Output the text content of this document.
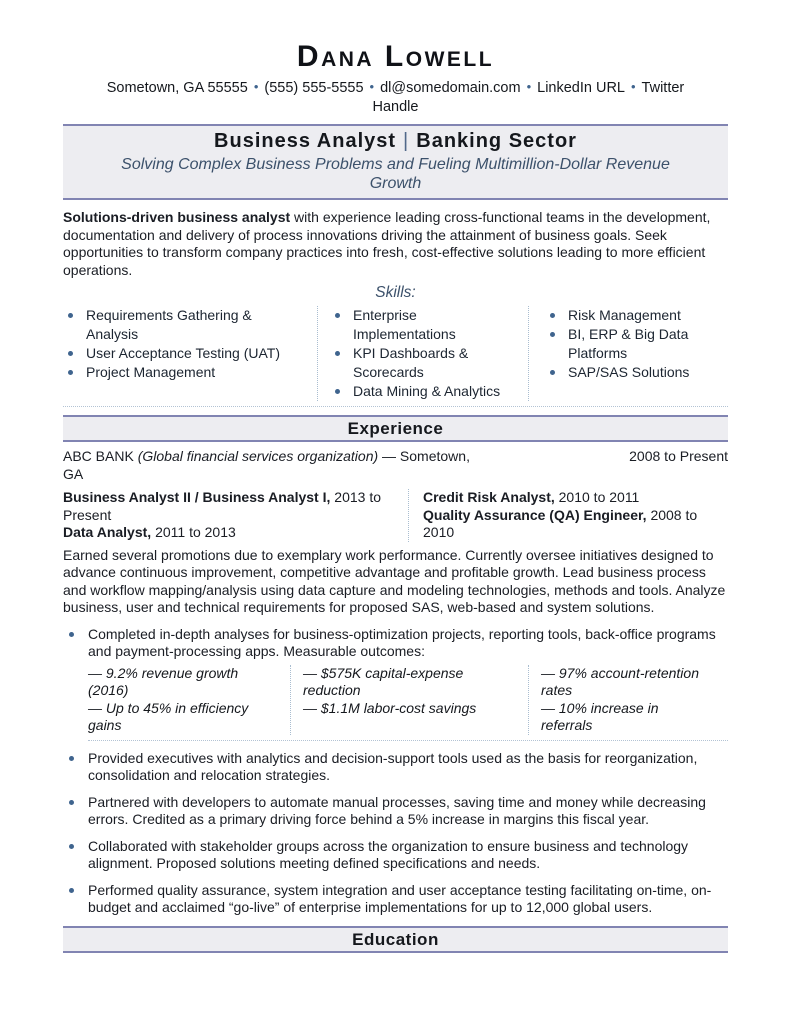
Dana Lowell
Sometown, GA 55555 • (555) 555-5555 • dl@somedomain.com • LinkedIn URL • Twitter Handle
Business Analyst | Banking Sector
Solving Complex Business Problems and Fueling Multimillion-Dollar Revenue Growth
Solutions-driven business analyst with experience leading cross-functional teams in the development, documentation and delivery of process innovations driving the attainment of business goals. Seek opportunities to transform company practices into fresh, cost-effective solutions leading to more efficient operations.
Skills:
Requirements Gathering & Analysis
User Acceptance Testing (UAT)
Project Management
Enterprise Implementations
KPI Dashboards & Scorecards
Data Mining & Analytics
Risk Management
BI, ERP & Big Data Platforms
SAP/SAS Solutions
Experience
ABC BANK (Global financial services organization) — Sometown, GA
2008 to Present
Business Analyst II / Business Analyst I, 2013 to Present
Data Analyst, 2011 to 2013
Credit Risk Analyst, 2010 to 2011
Quality Assurance (QA) Engineer, 2008 to 2010
Earned several promotions due to exemplary work performance. Currently oversee initiatives designed to advance continuous improvement, competitive advantage and profitable growth. Lead business process and workflow mapping/analysis using data capture and modeling technologies, methods and tools. Analyze business, user and technical requirements for proposed SAS, web-based and system solutions.
Completed in-depth analyses for business-optimization projects, reporting tools, back-office programs and payment-processing apps. Measurable outcomes:
— 9.2% revenue growth (2016)
— Up to 45% in efficiency gains
— $575K capital-expense reduction
— $1.1M labor-cost savings
— 97% account-retention rates
— 10% increase in referrals
Provided executives with analytics and decision-support tools used as the basis for reorganization, consolidation and relocation strategies.
Partnered with developers to automate manual processes, saving time and money while decreasing errors. Credited as a primary driving force behind a 5% increase in margins this fiscal year.
Collaborated with stakeholder groups across the organization to ensure business and technology alignment. Proposed solutions meeting defined specifications and needs.
Performed quality assurance, system integration and user acceptance testing facilitating on-time, on-budget and acclaimed “go-live” of enterprise implementations for up to 12,000 global users.
Education
